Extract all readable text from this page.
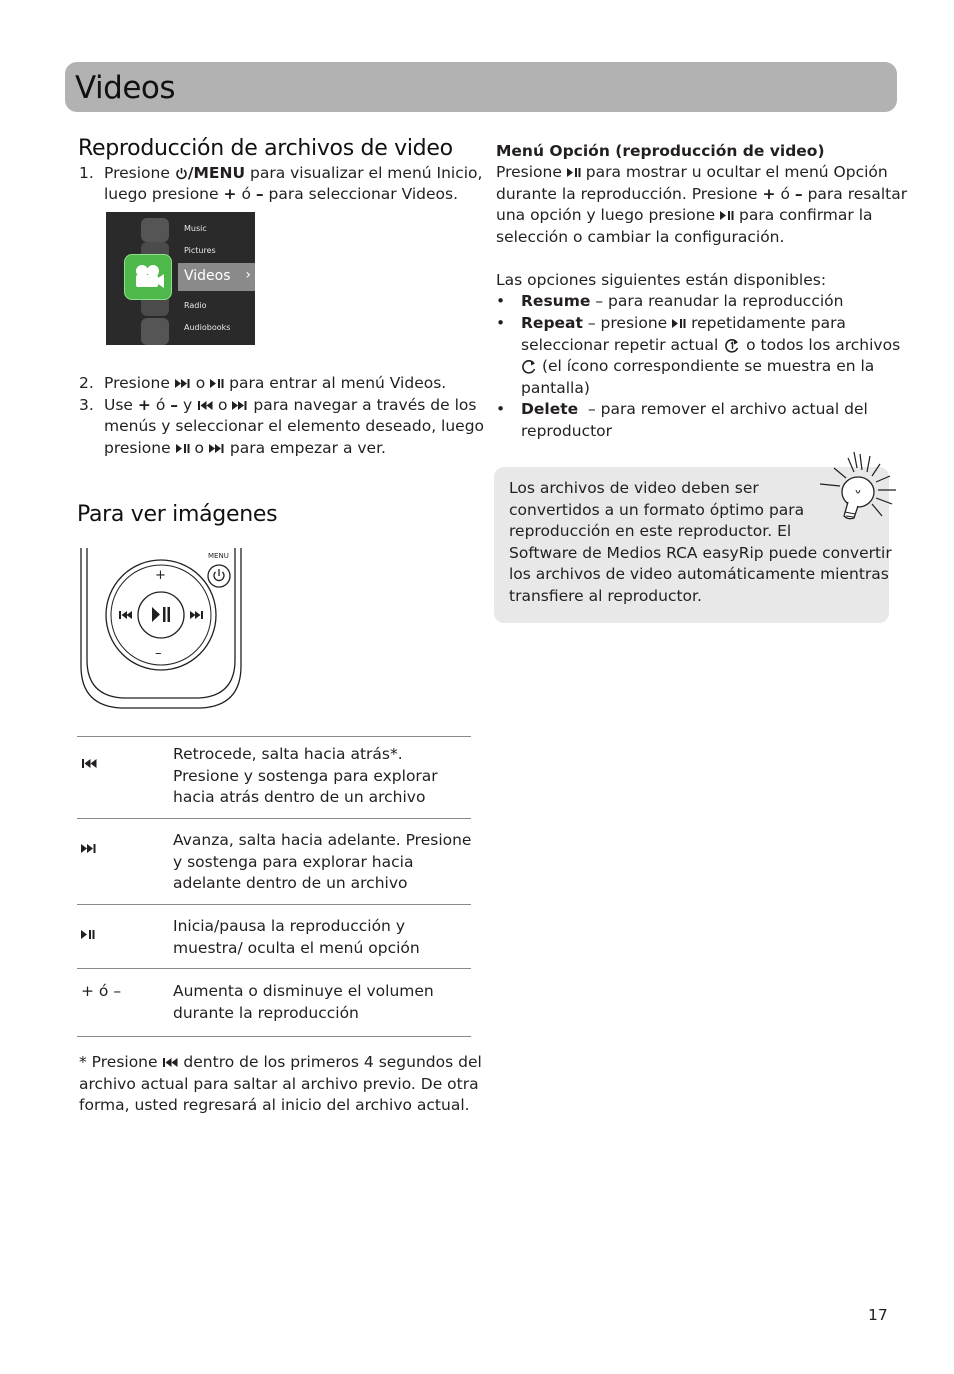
Videos
Reproducción de archivos de video
1. Presione /MENU para visualizar el menú Inicio,
luego presione + ó – para seleccionar Videos.
Music
Pictures
Videos ›
Radio
Audiobooks
2. Presione o para entrar al menú Videos.
3. Use + ó – y o para navegar a través de los
menús y seleccionar el elemento deseado, luego
presione o para empezar a ver.
Para ver imágenes
MENU
+
–
Retrocede, salta hacia atrás*. Presione y sostenga para explorar hacia atrás dentro de un archivo
Avanza, salta hacia adelante. Presione y sostenga para explorar hacia adelante dentro de un archivo
Inicia/pausa la reproducción y muestra/ oculta el menú opción
+ ó –	Aumenta o disminuye el volumen durante la reproducción
* Presione dentro de los primeros 4 segundos del
archivo actual para saltar al archivo previo. De otra
forma, usted regresará al inicio del archivo actual.
Menú Opción (reproducción de video)
Presione para mostrar u ocultar el menú Opción
durante la reproducción. Presione + ó – para resaltar
una opción y luego presione para confirmar la
selección o cambiar la configuración.
Las opciones siguientes están disponibles:
• Resume – para reanudar la reproducción
• Repeat – presione repetidamente para
seleccionar repetir actual o todos los archivos
(el ícono correspondiente se muestra en la
pantalla)
• Delete – para remover el archivo actual del
reproductor
Los archivos de video deben ser
convertidos a un formato óptimo para
reproducción en este reproductor. El
Software de Medios RCA easyRip puede convertir
los archivos de video automáticamente mientras
transfiere al reproductor.
17
